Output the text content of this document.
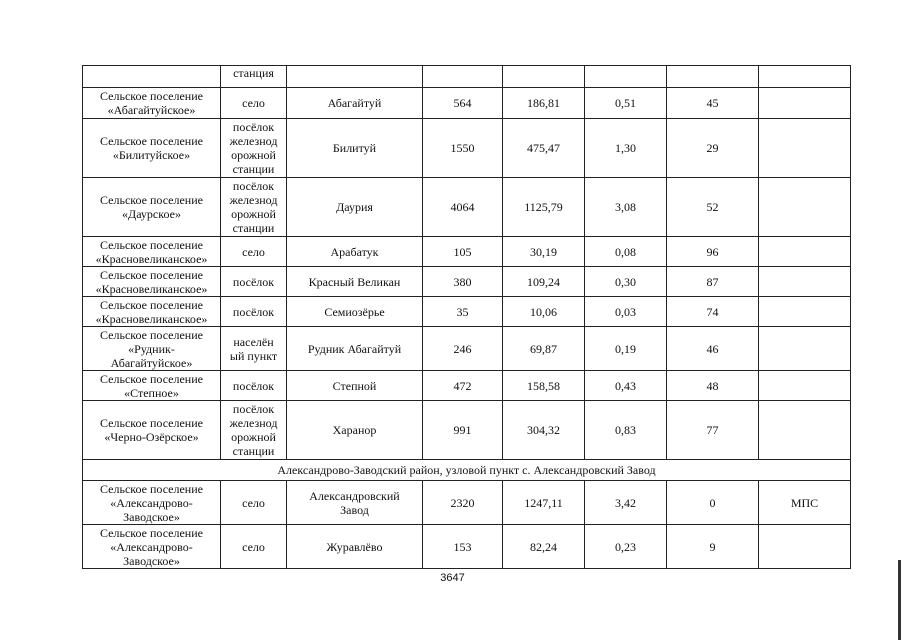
	станция						
Сельское поселение
«Абагайтуйское»	село	Абагайтуй	564	186,81	0,51	45	
Сельское поселение
«Билитуйское»	посёлок
железнод
орожной
станции	Билитуй	1550	475,47	1,30	29	
Сельское поселение
«Даурское»	посёлок
железнод
орожной
станции	Даурия	4064	1125,79	3,08	52	
Сельское поселение
«Красновеликанское»	село	Арабатук	105	30,19	0,08	96	
Сельское поселение
«Красновеликанское»	посёлок	Красный Великан	380	109,24	0,30	87	
Сельское поселение
«Красновеликанское»	посёлок	Семиозёрье	35	10,06	0,03	74	
Сельское поселение
«Рудник-
Абагайтуйское»	населён
ый пункт	Рудник Абагайтуй	246	69,87	0,19	46	
Сельское поселение
«Степное»	посёлок	Степной	472	158,58	0,43	48	
Сельское поселение
«Черно-Озёрское»	посёлок
железнод
орожной
станции	Харанор	991	304,32	0,83	77	
Александрово-Заводский район, узловой пункт с. Александровский Завод							
Сельское поселение
«Александрово-
Заводское»	село	Александровский
Завод	2320	1247,11	3,42	0	МПС
Сельское поселение
«Александрово-
Заводское»	село	Журавлёво	153	82,24	0,23	9	
3647
